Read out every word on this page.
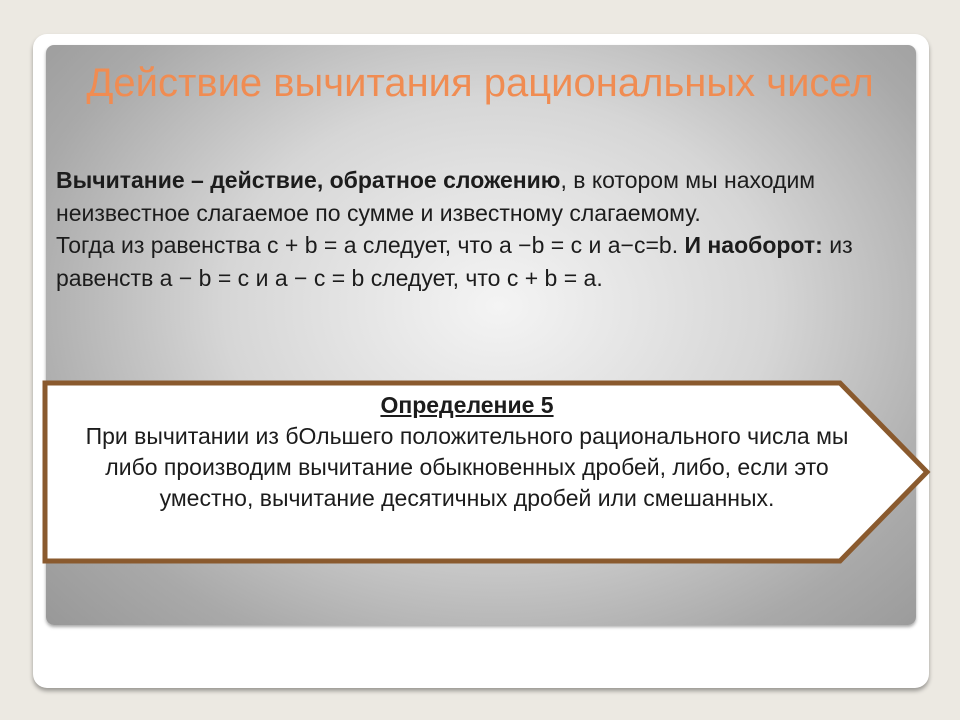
Действие вычитания рациональных чисел

Вычитание – действие, обратное сложению, в котором мы находим неизвестное слагаемое по сумме и известному слагаемому.

Тогда из равенства c + b = a следует, что a −b = c и a−c=b. И наоборот: из равенств a − b = c и a − c = b следует, что c + b = a.

Определение 5

При вычитании из бОльшего положительного рационального числа мы либо производим вычитание обыкновенных дробей, либо, если это уместно, вычитание десятичных дробей или смешанных.
